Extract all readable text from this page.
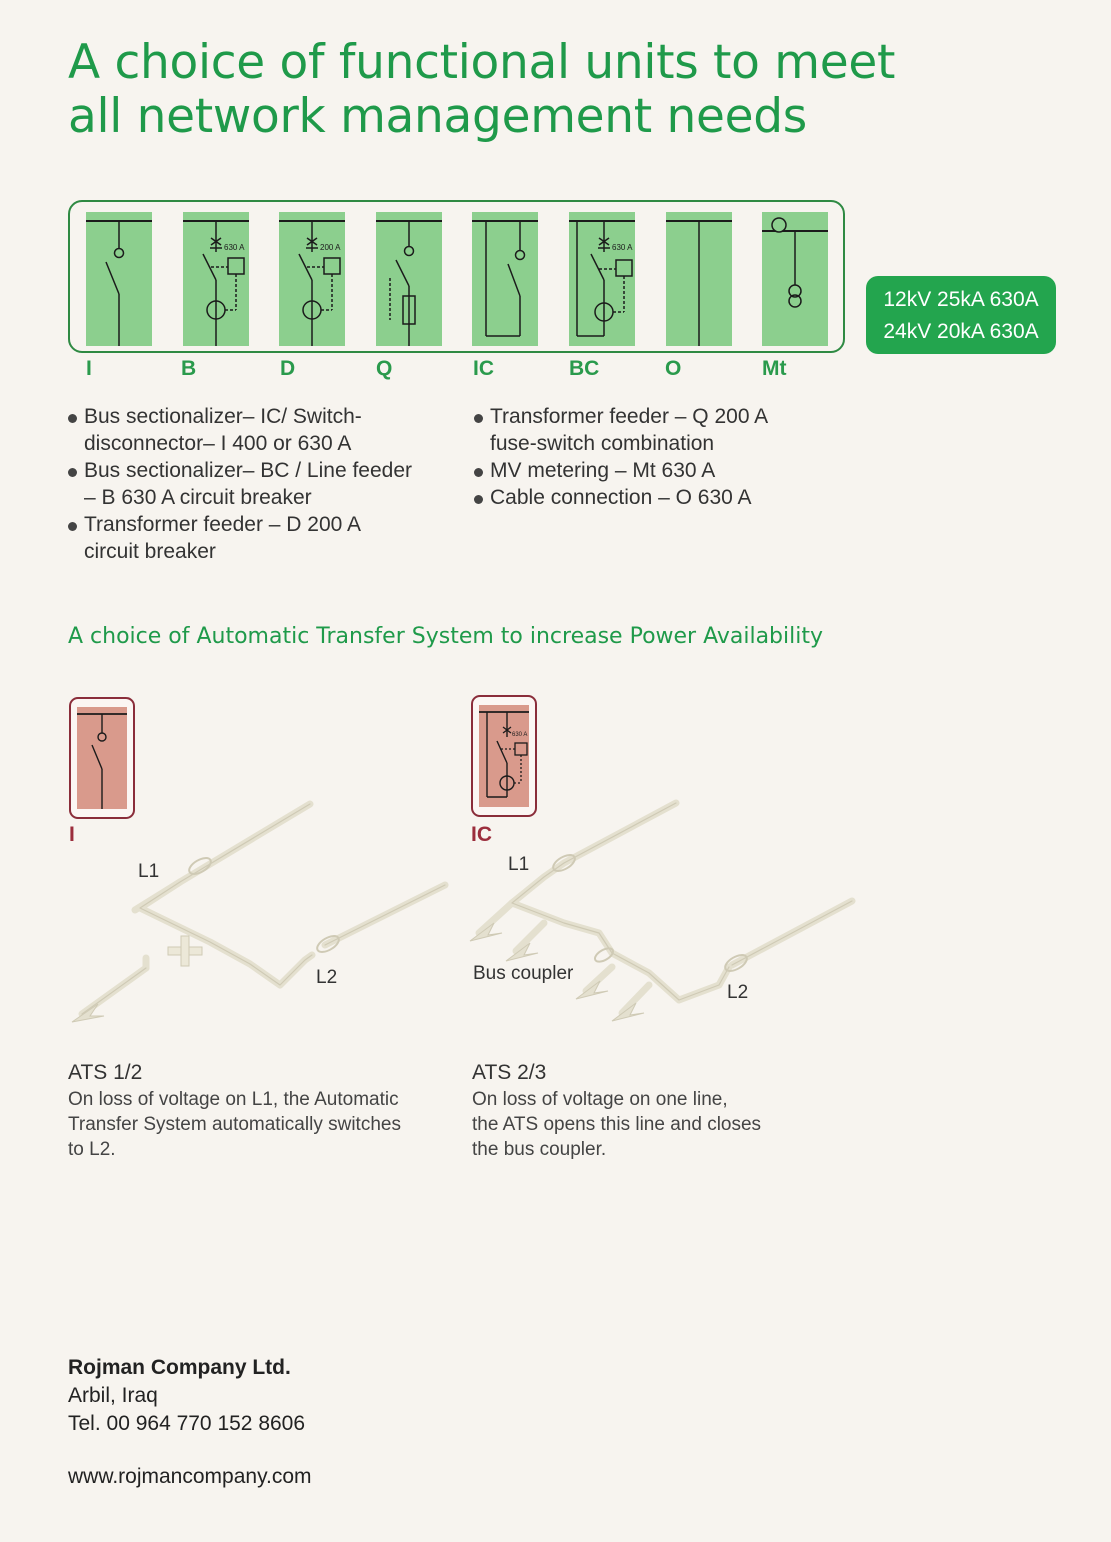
A choice of functional units to meet
all network management needs
630 A	200 A	630 A
I	B	D	Q	IC	BC	O	Mt
12kV 25kA 630A
24kV 20kA 630A
Bus sectionalizer– IC/ Switch-
disconnector– I 400 or 630 A
Bus sectionalizer– BC / Line feeder
– B 630 A circuit breaker
Transformer feeder – D 200 A
circuit breaker
Transformer feeder – Q 200 A
fuse-switch combination
MV metering – Mt 630 A
Cable connection – O 630 A
A choice of Automatic Transfer System to increase Power Availability
I
630 A
IC
L1
L2
L1
Bus coupler
L2
ATS 1/2
On loss of voltage on L1, the Automatic
Transfer System automatically switches
to L2.
ATS 2/3
On loss of voltage on one line,
the ATS opens this line and closes
the bus coupler.
Rojman Company Ltd.
Arbil, Iraq
Tel. 00 964 770 152 8606
www.rojmancompany.com
